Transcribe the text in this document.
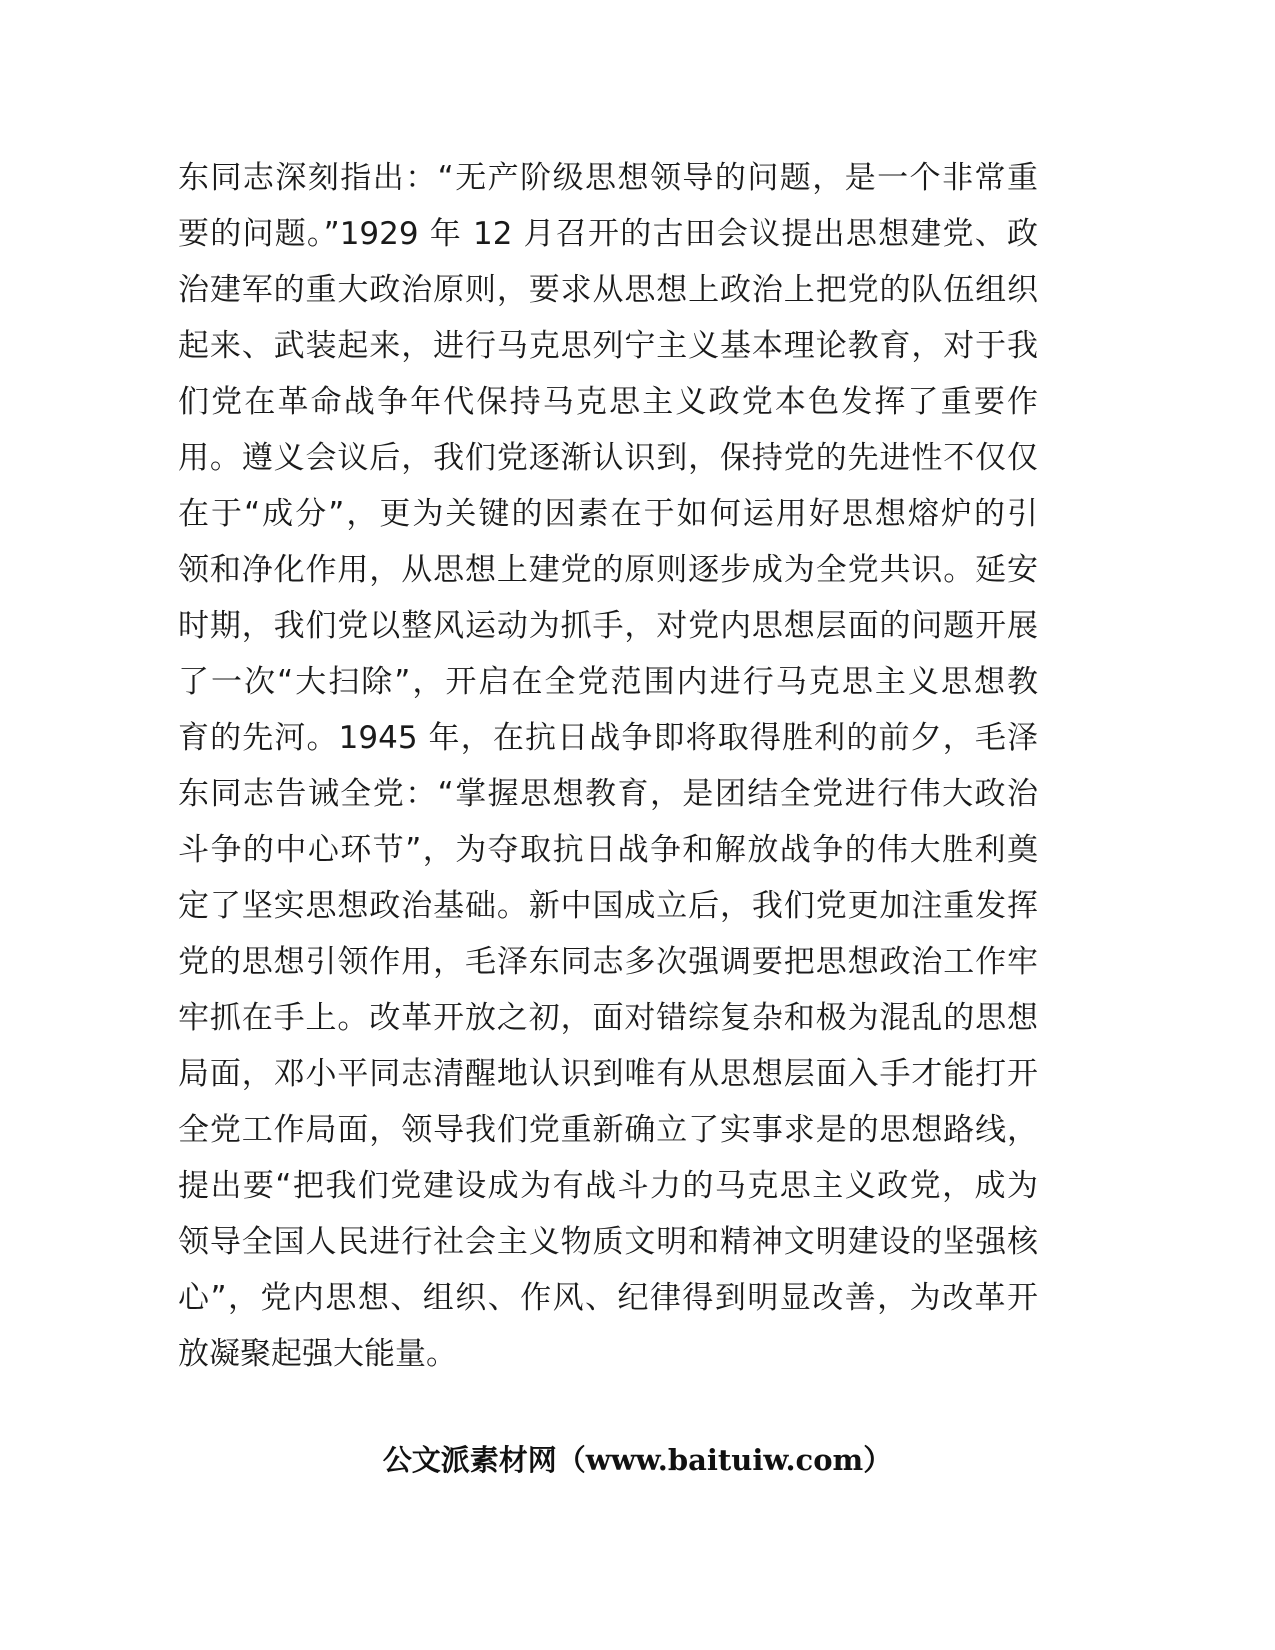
东同志深刻指出：“无产阶级思想领导的问题，是一个非常重
要的问题。”1929 年 12 月召开的古田会议提出思想建党、政
治建军的重大政治原则，要求从思想上政治上把党的队伍组织
起来、武装起来，进行马克思列宁主义基本理论教育，对于我
们党在革命战争年代保持马克思主义政党本色发挥了重要作
用。遵义会议后，我们党逐渐认识到，保持党的先进性不仅仅
在于“成分”，更为关键的因素在于如何运用好思想熔炉的引
领和净化作用，从思想上建党的原则逐步成为全党共识。延安
时期，我们党以整风运动为抓手，对党内思想层面的问题开展
了一次“大扫除”，开启在全党范围内进行马克思主义思想教
育的先河。1945 年，在抗日战争即将取得胜利的前夕，毛泽
东同志告诫全党：“掌握思想教育，是团结全党进行伟大政治
斗争的中心环节”，为夺取抗日战争和解放战争的伟大胜利奠
定了坚实思想政治基础。新中国成立后，我们党更加注重发挥
党的思想引领作用，毛泽东同志多次强调要把思想政治工作牢
牢抓在手上。改革开放之初，面对错综复杂和极为混乱的思想
局面，邓小平同志清醒地认识到唯有从思想层面入手才能打开
全党工作局面，领导我们党重新确立了实事求是的思想路线，
提出要“把我们党建设成为有战斗力的马克思主义政党，成为
领导全国人民进行社会主义物质文明和精神文明建设的坚强核
心”，党内思想、组织、作风、纪律得到明显改善，为改革开
放凝聚起强大能量。
公文派素材网（www.baituiw.com）
